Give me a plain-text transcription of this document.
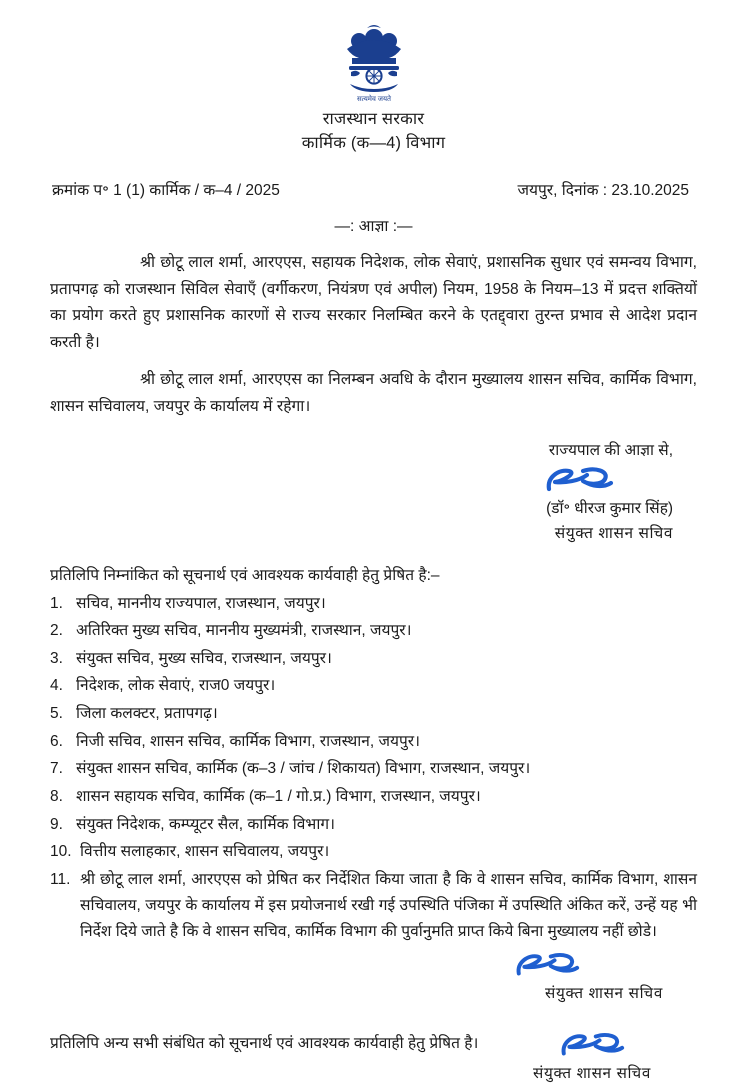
सत्यमेव जयते
राजस्थान सरकार
कार्मिक (क—4) विभाग
क्रमांक प॰ 1 (1) कार्मिक / क–4 / 2025	जयपुर, दिनांक : 23.10.2025
—: आज्ञा :—
श्री छोटू लाल शर्मा, आरएएस, सहायक निदेशक, लोक सेवाएं, प्रशासनिक सुधार एवं समन्वय विभाग, प्रतापगढ़ को राजस्थान सिविल सेवाएँ (वर्गीकरण, नियंत्रण एवं अपील) नियम, 1958 के नियम–13 में प्रदत्त शक्तियों का प्रयोग करते हुए प्रशासनिक कारणों से राज्य सरकार निलम्बित करने के एतद्द्वारा तुरन्त प्रभाव से आदेश प्रदान करती है।
श्री छोटू लाल शर्मा, आरएएस का निलम्बन अवधि के दौरान मुख्यालय शासन सचिव, कार्मिक विभाग, शासन सचिवालय, जयपुर के कार्यालय में रहेगा।
राज्यपाल की आज्ञा से,
(डॉ॰ धीरज कुमार सिंह)
संयुक्त शासन सचिव
प्रतिलिपि निम्नांकित को सूचनार्थ एवं आवश्यक कार्यवाही हेतु प्रेषित है:–
1. सचिव, माननीय राज्यपाल, राजस्थान, जयपुर।
2. अतिरिक्त मुख्य सचिव, माननीय मुख्यमंत्री, राजस्थान, जयपुर।
3. संयुक्त सचिव, मुख्य सचिव, राजस्थान, जयपुर।
4. निदेशक, लोक सेवाएं, राज0 जयपुर।
5. जिला कलक्टर, प्रतापगढ़।
6. निजी सचिव, शासन सचिव, कार्मिक विभाग, राजस्थान, जयपुर।
7. संयुक्त शासन सचिव, कार्मिक (क–3 / जांच / शिकायत) विभाग, राजस्थान, जयपुर।
8. शासन सहायक सचिव, कार्मिक (क–1 / गो.प्र.) विभाग, राजस्थान, जयपुर।
9. संयुक्त निदेशक, कम्प्यूटर सैल, कार्मिक विभाग।
10. वित्तीय सलाहकार, शासन सचिवालय, जयपुर।
11. श्री छोटू लाल शर्मा, आरएएस को प्रेषित कर निर्देशित किया जाता है कि वे शासन सचिव, कार्मिक विभाग, शासन सचिवालय, जयपुर के कार्यालय में इस प्रयोजनार्थ रखी गई उपस्थिति पंजिका में उपस्थिति अंकित करें, उन्हें यह भी निर्देश दिये जाते है कि वे शासन सचिव, कार्मिक विभाग की पुर्वानुमति प्राप्त किये बिना मुख्यालय नहीं छोडे।
संयुक्त शासन सचिव
प्रतिलिपि अन्य सभी संबंधित को सूचनार्थ एवं आवश्यक कार्यवाही हेतु प्रेषित है।
संयुक्त शासन सचिव
